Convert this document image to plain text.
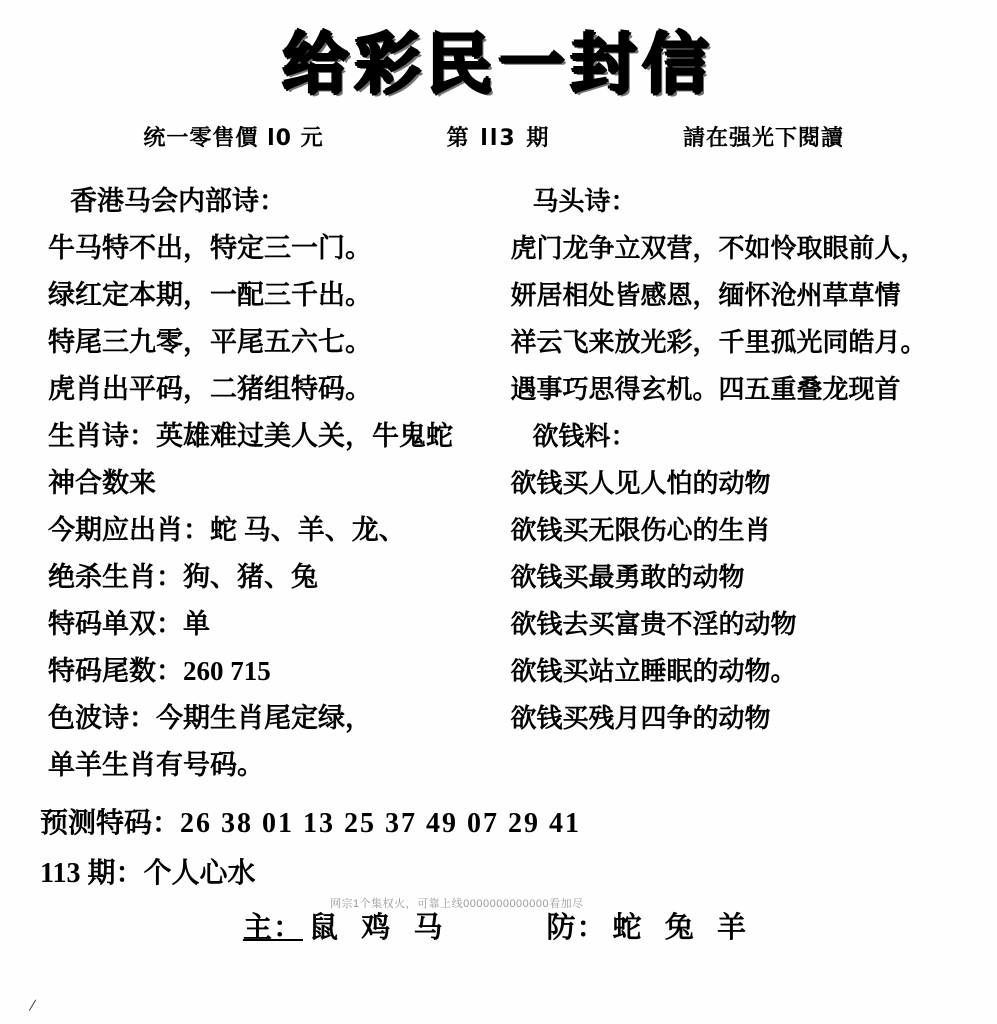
给彩民一封信
统一零售價 l0 元	第 ll3 期	請在强光下閱讀
香港马会内部诗：
牛马特不出，特定三一门。
绿红定本期，一配三千出。
特尾三九零，平尾五六七。
虎肖出平码，二猪组特码。
生肖诗：英雄难过美人关，牛鬼蛇
神合数来
今期应出肖：蛇 马、羊、龙、
绝杀生肖：狗、猪、兔
特码单双：单
特码尾数：260 715
色波诗：今期生肖尾定绿，
单羊生肖有号码。
马头诗：
虎门龙争立双营，不如怜取眼前人，
妍居相处皆感恩，缅怀沧州草草情
祥云飞来放光彩，千里孤光同皓月。
遇事巧思得玄机。四五重叠龙现首
欲钱料：
欲钱买人见人怕的动物
欲钱买无限伤心的生肖
欲钱买最勇敢的动物
欲钱去买富贵不淫的动物
欲钱买站立睡眠的动物。
欲钱买残月四争的动物
预测特码：26 38 01 13 25 37 49 07 29 41
113 期：个人心水
主： 鼠 鸡 马	防： 蛇 兔 羊
网宗1个集权火，可靠上线0000000000000看加尽
/
